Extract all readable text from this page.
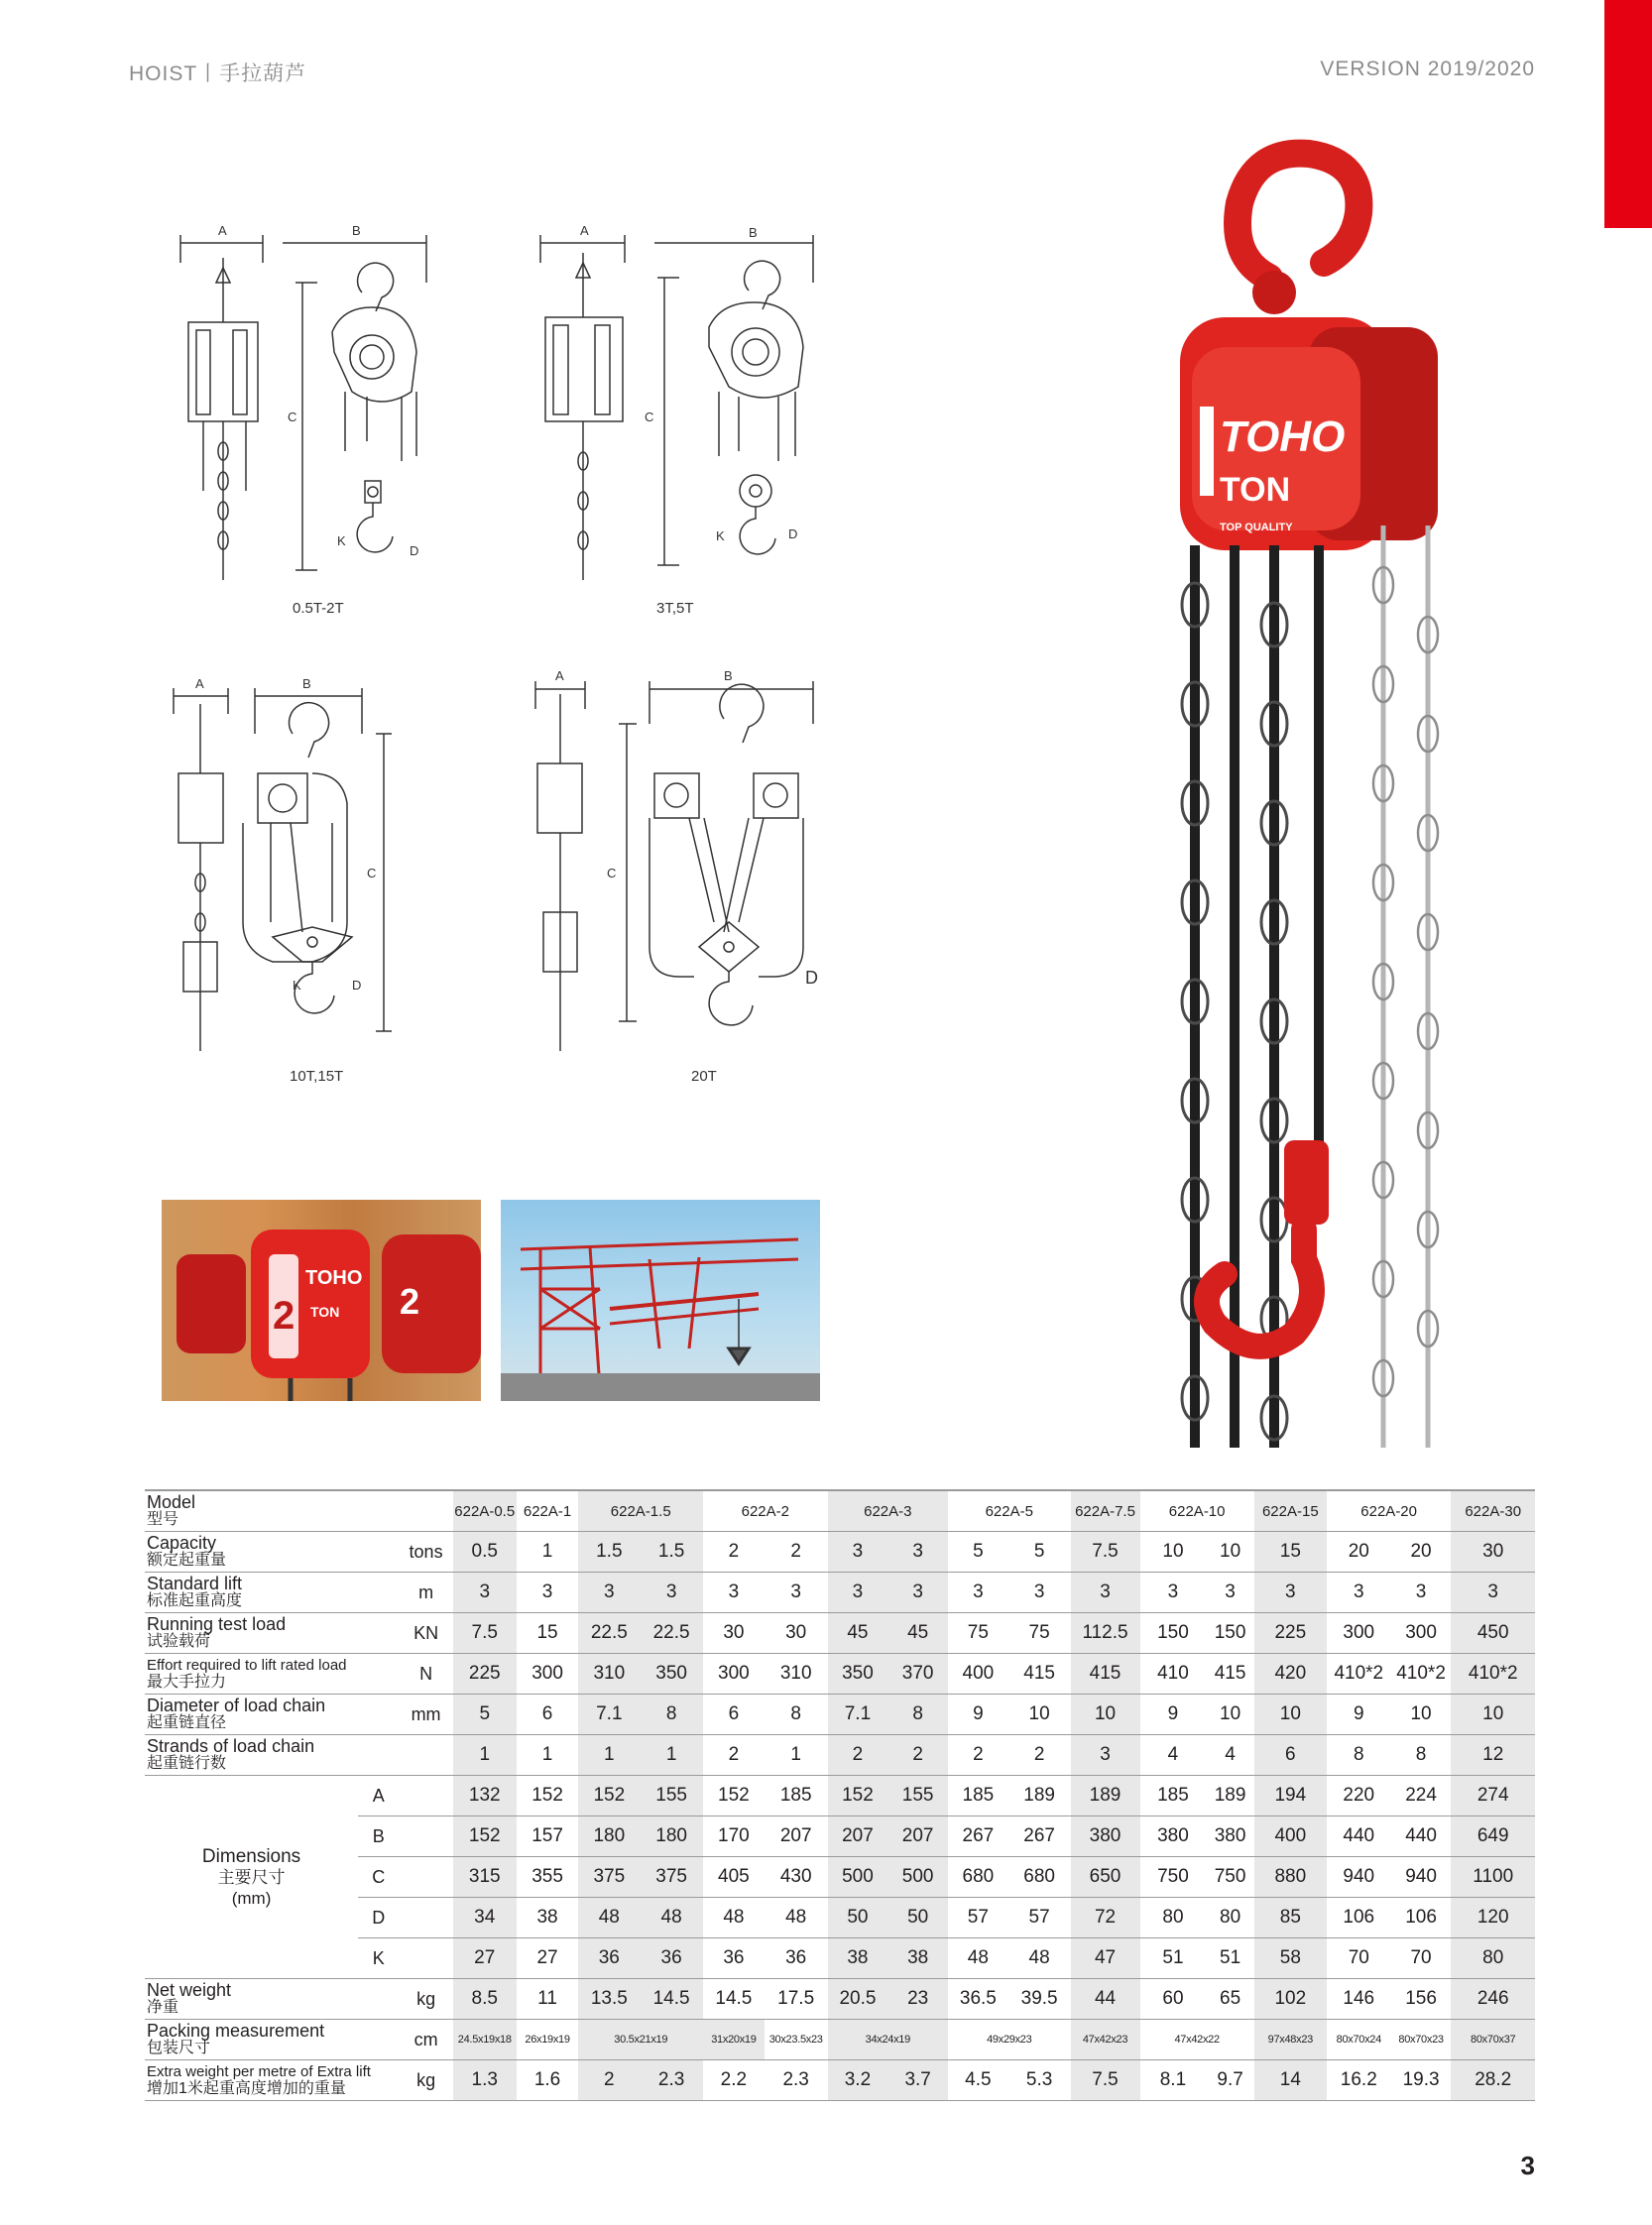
HOIST丨手拉葫芦	VERSION 2019/2020
A	B
C
K
D
0.5T-2T
A	B
C
K	D
3T,5T
A	B
C
K	D
10T,15T
A	B
C
D
20T
2
TOHO
TON 2
TOHO
TON
TOP QUALITY
Model
型号			622A-0.5	622A-1	622A-1.5		622A-2		622A-3		622A-5		622A-7.5	622A-10		622A-15	622A-20		622A-30
Capacity
额定起重量		tons	0.5	1	1.5	1.5	2	2	3	3	5	5	7.5	10	10	15	20	20	30
Standard lift
标准起重高度		m	3	3	3	3	3	3	3	3	3	3	3	3	3	3	3	3	3
Running test load
试验载荷		KN	7.5	15	22.5	22.5	30	30	45	45	75	75	112.5	150	150	225	300	300	450
Effort required to lift rated load
最大手拉力		N	225	300	310	350	300	310	350	370	400	415	415	410	415	420	410*2	410*2	410*2
Diameter of load chain
起重链直径		mm	5	6	7.1	8	6	8	7.1	8	9	10	10	9	10	10	9	10	10
Strands of load chain
起重链行数			1	1	1	1	2	1	2	2	2	2	3	4	4	6	8	8	12

Dimensions
主要尺寸
(mm)	A		132	152	152	155	152	185	152	155	185	189	189	185	189	194	220	224	274
	B		152	157	180	180	170	207	207	207	267	267	380	380	380	400	440	440	649
	C		315	355	375	375	405	430	500	500	680	680	650	750	750	880	940	940	1100
	D		34	38	48	48	48	48	50	50	57	57	72	80	80	85	106	106	120
	K		27	27	36	36	36	36	38	38	48	48	47	51	51	58	70	70	80
Net weight
净重		kg	8.5	11	13.5	14.5	14.5	17.5	20.5	23	36.5	39.5	44	60	65	102	146	156	246
Packing measurement
包装尺寸		cm	24.5x19x18	26x19x19	30.5x21x19		31x20x19	30x23.5x23	34x24x19		49x29x23		47x42x23	47x42x22		97x48x23	80x70x24	80x70x23	80x70x37
Extra weight per metre of Extra lift
增加1米起重高度增加的重量		kg	1.3	1.6	2	2.3	2.2	2.3	3.2	3.7	4.5	5.3	7.5	8.1	9.7	14	16.2	19.3	28.2
3
